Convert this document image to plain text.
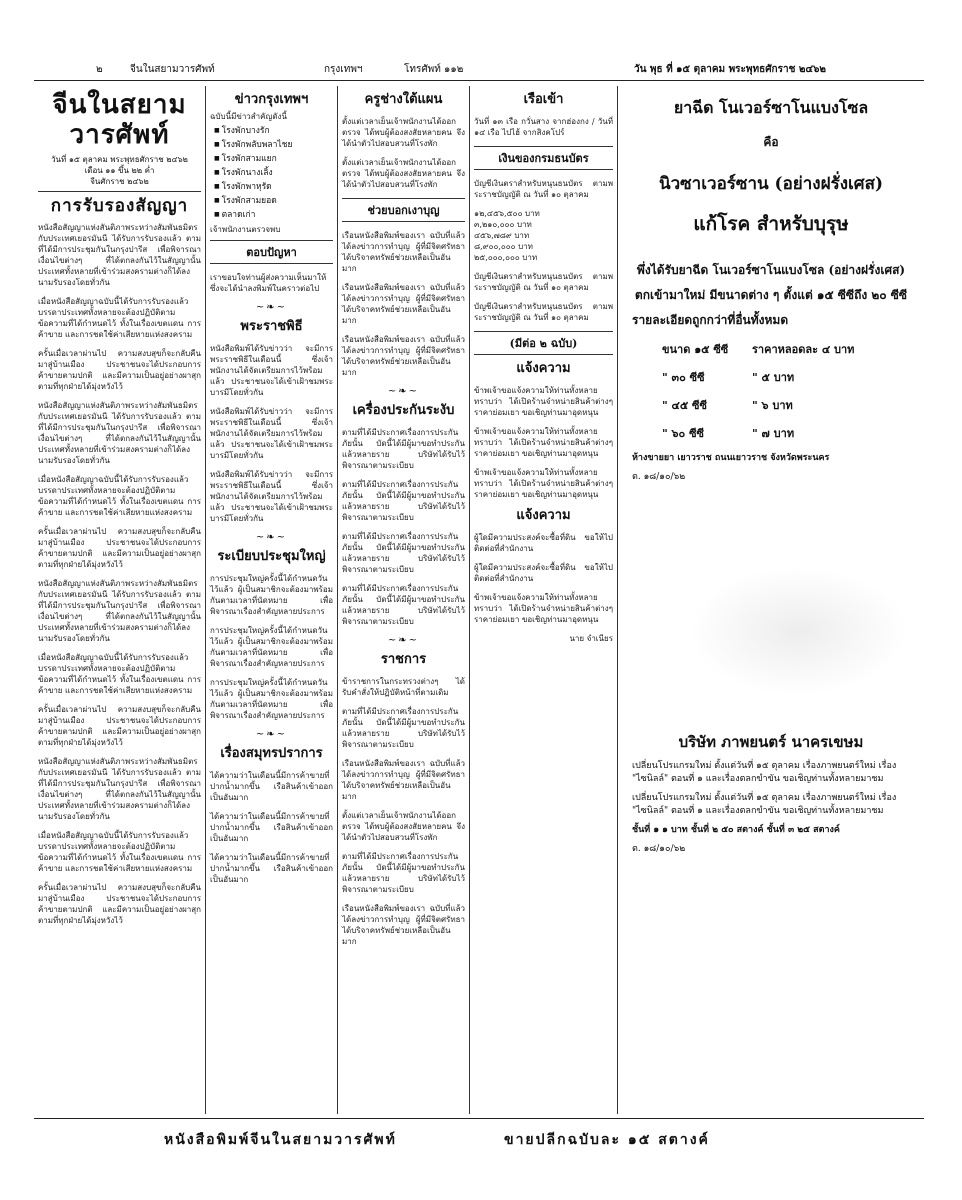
๒	จีนในสยามวารศัพท์	กรุงเทพฯ	โทรศัพท์ ๑๑๒	วัน พุธ ที่ ๑๕ ตุลาคม พระพุทธศักราช ๒๔๖๒
จีนในสยามวารศัพท์
วันที่ ๑๕ ตุลาคม พระพุทธศักราช ๒๔๖๒
เดือน ๑๑ ขึ้น ๒๒ ค่ำ
จีนศักราช ๒๔๖๒
การรับรองสัญญา

หนังสือสัญญาแห่งสันติภาพระหว่างสัมพันธมิตรกับประเทศเยอรมันนี ได้รับการรับรองแล้ว ตามที่ได้มีการประชุมกันในกรุงปารีส เพื่อพิจารณาเงื่อนไขต่างๆ ที่ได้ตกลงกันไว้ในสัญญานั้น ประเทศทั้งหลายที่เข้าร่วมสงครามต่างก็ได้ลงนามรับรองโดยทั่วกัน

เมื่อหนังสือสัญญาฉบับนี้ได้รับการรับรองแล้ว บรรดาประเทศทั้งหลายจะต้องปฏิบัติตามข้อความที่ได้กำหนดไว้ ทั้งในเรื่องเขตแดน การค้าขาย และการชดใช้ค่าเสียหายแห่งสงคราม

ครั้นเมื่อเวลาผ่านไป ความสงบสุขก็จะกลับคืนมาสู่บ้านเมือง ประชาชนจะได้ประกอบการค้าขายตามปกติ และมีความเป็นอยู่อย่างผาสุก ตามที่ทุกฝ่ายได้มุ่งหวังไว้

หนังสือสัญญาแห่งสันติภาพระหว่างสัมพันธมิตรกับประเทศเยอรมันนี ได้รับการรับรองแล้ว ตามที่ได้มีการประชุมกันในกรุงปารีส เพื่อพิจารณาเงื่อนไขต่างๆ ที่ได้ตกลงกันไว้ในสัญญานั้น ประเทศทั้งหลายที่เข้าร่วมสงครามต่างก็ได้ลงนามรับรองโดยทั่วกัน

เมื่อหนังสือสัญญาฉบับนี้ได้รับการรับรองแล้ว บรรดาประเทศทั้งหลายจะต้องปฏิบัติตามข้อความที่ได้กำหนดไว้ ทั้งในเรื่องเขตแดน การค้าขาย และการชดใช้ค่าเสียหายแห่งสงคราม

ครั้นเมื่อเวลาผ่านไป ความสงบสุขก็จะกลับคืนมาสู่บ้านเมือง ประชาชนจะได้ประกอบการค้าขายตามปกติ และมีความเป็นอยู่อย่างผาสุก ตามที่ทุกฝ่ายได้มุ่งหวังไว้

หนังสือสัญญาแห่งสันติภาพระหว่างสัมพันธมิตรกับประเทศเยอรมันนี ได้รับการรับรองแล้ว ตามที่ได้มีการประชุมกันในกรุงปารีส เพื่อพิจารณาเงื่อนไขต่างๆ ที่ได้ตกลงกันไว้ในสัญญานั้น ประเทศทั้งหลายที่เข้าร่วมสงครามต่างก็ได้ลงนามรับรองโดยทั่วกัน

เมื่อหนังสือสัญญาฉบับนี้ได้รับการรับรองแล้ว บรรดาประเทศทั้งหลายจะต้องปฏิบัติตามข้อความที่ได้กำหนดไว้ ทั้งในเรื่องเขตแดน การค้าขาย และการชดใช้ค่าเสียหายแห่งสงคราม

ครั้นเมื่อเวลาผ่านไป ความสงบสุขก็จะกลับคืนมาสู่บ้านเมือง ประชาชนจะได้ประกอบการค้าขายตามปกติ และมีความเป็นอยู่อย่างผาสุก ตามที่ทุกฝ่ายได้มุ่งหวังไว้

หนังสือสัญญาแห่งสันติภาพระหว่างสัมพันธมิตรกับประเทศเยอรมันนี ได้รับการรับรองแล้ว ตามที่ได้มีการประชุมกันในกรุงปารีส เพื่อพิจารณาเงื่อนไขต่างๆ ที่ได้ตกลงกันไว้ในสัญญานั้น ประเทศทั้งหลายที่เข้าร่วมสงครามต่างก็ได้ลงนามรับรองโดยทั่วกัน

เมื่อหนังสือสัญญาฉบับนี้ได้รับการรับรองแล้ว บรรดาประเทศทั้งหลายจะต้องปฏิบัติตามข้อความที่ได้กำหนดไว้ ทั้งในเรื่องเขตแดน การค้าขาย และการชดใช้ค่าเสียหายแห่งสงคราม

ครั้นเมื่อเวลาผ่านไป ความสงบสุขก็จะกลับคืนมาสู่บ้านเมือง ประชาชนจะได้ประกอบการค้าขายตามปกติ และมีความเป็นอยู่อย่างผาสุก ตามที่ทุกฝ่ายได้มุ่งหวังไว้

ข่าวกรุงเทพฯ
ฉบับนี้มีข่าวสำคัญดังนี้
■ โรงพักบางรัก
■ โรงพักพลับพลาไชย
■ โรงพักสามแยก
■ โรงพักนางเลิ้ง
■ โรงพักพาหุรัด
■ โรงพักสามยอด
■ ตลาดเก่า
เจ้าพนักงานตรวจพบ
ตอบปัญหา

เราขอบใจท่านผู้ส่งความเห็นมาให้ ซึ่งจะได้นำลงพิมพ์ในคราวต่อไป

~❧~
พระราชพิธี

หนังสือพิมพ์ได้รับข่าวว่า จะมีการพระราชพิธีในเดือนนี้ ซึ่งเจ้าพนักงานได้จัดเตรียมการไว้พร้อมแล้ว ประชาชนจะได้เข้าเฝ้าชมพระบารมีโดยทั่วกัน

หนังสือพิมพ์ได้รับข่าวว่า จะมีการพระราชพิธีในเดือนนี้ ซึ่งเจ้าพนักงานได้จัดเตรียมการไว้พร้อมแล้ว ประชาชนจะได้เข้าเฝ้าชมพระบารมีโดยทั่วกัน

หนังสือพิมพ์ได้รับข่าวว่า จะมีการพระราชพิธีในเดือนนี้ ซึ่งเจ้าพนักงานได้จัดเตรียมการไว้พร้อมแล้ว ประชาชนจะได้เข้าเฝ้าชมพระบารมีโดยทั่วกัน

~❧~
ระเบียบประชุมใหญ่

การประชุมใหญ่ครั้งนี้ได้กำหนดวันไว้แล้ว ผู้เป็นสมาชิกจะต้องมาพร้อมกันตามเวลาที่นัดหมาย เพื่อพิจารณาเรื่องสำคัญหลายประการ

การประชุมใหญ่ครั้งนี้ได้กำหนดวันไว้แล้ว ผู้เป็นสมาชิกจะต้องมาพร้อมกันตามเวลาที่นัดหมาย เพื่อพิจารณาเรื่องสำคัญหลายประการ

การประชุมใหญ่ครั้งนี้ได้กำหนดวันไว้แล้ว ผู้เป็นสมาชิกจะต้องมาพร้อมกันตามเวลาที่นัดหมาย เพื่อพิจารณาเรื่องสำคัญหลายประการ

~❧~
เรื่องสมุทรปราการ

ได้ความว่าในเดือนนี้มีการค้าขายที่ปากน้ำมากขึ้น เรือสินค้าเข้าออกเป็นอันมาก

ได้ความว่าในเดือนนี้มีการค้าขายที่ปากน้ำมากขึ้น เรือสินค้าเข้าออกเป็นอันมาก

ได้ความว่าในเดือนนี้มีการค้าขายที่ปากน้ำมากขึ้น เรือสินค้าเข้าออกเป็นอันมาก

ครูช่างใต้แผน

ตั้งแต่เวลาเย็นเจ้าพนักงานได้ออกตรวจ ได้พบผู้ต้องสงสัยหลายคน จึงได้นำตัวไปสอบสวนที่โรงพัก

ตั้งแต่เวลาเย็นเจ้าพนักงานได้ออกตรวจ ได้พบผู้ต้องสงสัยหลายคน จึงได้นำตัวไปสอบสวนที่โรงพัก

ช่วยบอกเงาบุญ

เรือนหนังสือพิมพ์ของเรา ฉบับที่แล้วได้ลงข่าวการทำบุญ ผู้ที่มีจิตศรัทธาได้บริจาคทรัพย์ช่วยเหลือเป็นอันมาก

เรือนหนังสือพิมพ์ของเรา ฉบับที่แล้วได้ลงข่าวการทำบุญ ผู้ที่มีจิตศรัทธาได้บริจาคทรัพย์ช่วยเหลือเป็นอันมาก

เรือนหนังสือพิมพ์ของเรา ฉบับที่แล้วได้ลงข่าวการทำบุญ ผู้ที่มีจิตศรัทธาได้บริจาคทรัพย์ช่วยเหลือเป็นอันมาก

~❧~
เครื่องประกันระงับ

ตามที่ได้มีประกาศเรื่องการประกันภัยนั้น บัดนี้ได้มีผู้มาขอทำประกันแล้วหลายราย บริษัทได้รับไว้พิจารณาตามระเบียบ

ตามที่ได้มีประกาศเรื่องการประกันภัยนั้น บัดนี้ได้มีผู้มาขอทำประกันแล้วหลายราย บริษัทได้รับไว้พิจารณาตามระเบียบ

ตามที่ได้มีประกาศเรื่องการประกันภัยนั้น บัดนี้ได้มีผู้มาขอทำประกันแล้วหลายราย บริษัทได้รับไว้พิจารณาตามระเบียบ

ตามที่ได้มีประกาศเรื่องการประกันภัยนั้น บัดนี้ได้มีผู้มาขอทำประกันแล้วหลายราย บริษัทได้รับไว้พิจารณาตามระเบียบ

~❧~
ราชการ

ข้าราชการในกระทรวงต่างๆ ได้รับคำสั่งให้ปฏิบัติหน้าที่ตามเดิม

ตามที่ได้มีประกาศเรื่องการประกันภัยนั้น บัดนี้ได้มีผู้มาขอทำประกันแล้วหลายราย บริษัทได้รับไว้พิจารณาตามระเบียบ

เรือนหนังสือพิมพ์ของเรา ฉบับที่แล้วได้ลงข่าวการทำบุญ ผู้ที่มีจิตศรัทธาได้บริจาคทรัพย์ช่วยเหลือเป็นอันมาก

ตั้งแต่เวลาเย็นเจ้าพนักงานได้ออกตรวจ ได้พบผู้ต้องสงสัยหลายคน จึงได้นำตัวไปสอบสวนที่โรงพัก

ตามที่ได้มีประกาศเรื่องการประกันภัยนั้น บัดนี้ได้มีผู้มาขอทำประกันแล้วหลายราย บริษัทได้รับไว้พิจารณาตามระเบียบ

เรือนหนังสือพิมพ์ของเรา ฉบับที่แล้วได้ลงข่าวการทำบุญ ผู้ที่มีจิตศรัทธาได้บริจาคทรัพย์ช่วยเหลือเป็นอันมาก

เรือเข้า

วันที่ ๑๓ เรือ กวั่นสาง จากฮ่องกง / วันที่ ๑๔ เรือ ไปไฮ้ จากสิงคโปร์

เงินของกรมธนบัตร

บัญชีเงินตราสำหรับหนุนธนบัตร ตามพระราชบัญญัติ ณ วันที่ ๑๐ ตุลาคม

๑๒,๔๕๖,๕๐๐ บาท
๓,๒๑๐,๐๐๐ บาท
๔๕๖,๗๘๙ บาท
๘,๙๐๐,๐๐๐ บาท
๒๕,๐๐๐,๐๐๐ บาท

บัญชีเงินตราสำหรับหนุนธนบัตร ตามพระราชบัญญัติ ณ วันที่ ๑๐ ตุลาคม

บัญชีเงินตราสำหรับหนุนธนบัตร ตามพระราชบัญญัติ ณ วันที่ ๑๐ ตุลาคม

(มีต่อ ๒ ฉบับ)
แจ้งความ

ข้าพเจ้าขอแจ้งความให้ท่านทั้งหลายทราบว่า ได้เปิดร้านจำหน่ายสินค้าต่างๆ ราคาย่อมเยา ขอเชิญท่านมาอุดหนุน

ข้าพเจ้าขอแจ้งความให้ท่านทั้งหลายทราบว่า ได้เปิดร้านจำหน่ายสินค้าต่างๆ ราคาย่อมเยา ขอเชิญท่านมาอุดหนุน

ข้าพเจ้าขอแจ้งความให้ท่านทั้งหลายทราบว่า ได้เปิดร้านจำหน่ายสินค้าต่างๆ ราคาย่อมเยา ขอเชิญท่านมาอุดหนุน

แจ้งความ

ผู้ใดมีความประสงค์จะซื้อที่ดิน ขอให้ไปติดต่อที่สำนักงาน

ผู้ใดมีความประสงค์จะซื้อที่ดิน ขอให้ไปติดต่อที่สำนักงาน

ข้าพเจ้าขอแจ้งความให้ท่านทั้งหลายทราบว่า ได้เปิดร้านจำหน่ายสินค้าต่างๆ ราคาย่อมเยา ขอเชิญท่านมาอุดหนุน

นาย จำเนียร
ยาฉีด โนเวอร์ซาโนแบงโซล
คือ
นิวซาเวอร์ซาน (อย่างฝรั่งเศส)
แก้โรค สำหรับบุรุษ
พึ่งได้รับยาฉีด โนเวอร์ซาโนแบงโซล (อย่างฝรั่งเศส)
ตกเข้ามาใหม่ มีขนาดต่าง ๆ ตั้งแต่ ๑๕ ซีซีถึง ๒๐ ซีซี
รายละเอียดถูกกว่าที่อื่นทั้งหมด
ขนาด ๑๕ ซีซี	ราคาหลอดละ ๔ บาท
" ๓๐ ซีซี	" ๕ บาท
" ๔๕ ซีซี	" ๖ บาท
" ๖๐ ซีซี	" ๗ บาท
ห้างขายยา เยาวราช ถนนเยาวราช จังหวัดพระนคร
ต. ๑๘/๑๐/๖๒
บริษัท ภาพยนตร์ นาครเขษม

เปลี่ยนโปรแกรมใหม่ ตั้งแต่วันที่ ๑๕ ตุลาคม เรื่องภาพยนตร์ใหม่ เรื่อง "ไซนิลล์" ตอนที่ ๑ และเรื่องตลกขำขัน ขอเชิญท่านทั้งหลายมาชม

เปลี่ยนโปรแกรมใหม่ ตั้งแต่วันที่ ๑๕ ตุลาคม เรื่องภาพยนตร์ใหม่ เรื่อง "ไซนิลล์" ตอนที่ ๑ และเรื่องตลกขำขัน ขอเชิญท่านทั้งหลายมาชม

ชั้นที่ ๑ ๑ บาท ชั้นที่ ๒ ๕๐ สตางค์ ชั้นที่ ๓ ๒๕ สตางค์

ต. ๑๘/๑๐/๖๒
หนังสือพิมพ์จีนในสยามวารศัพท์	ขายปลีกฉบับละ ๑๕ สตางค์
